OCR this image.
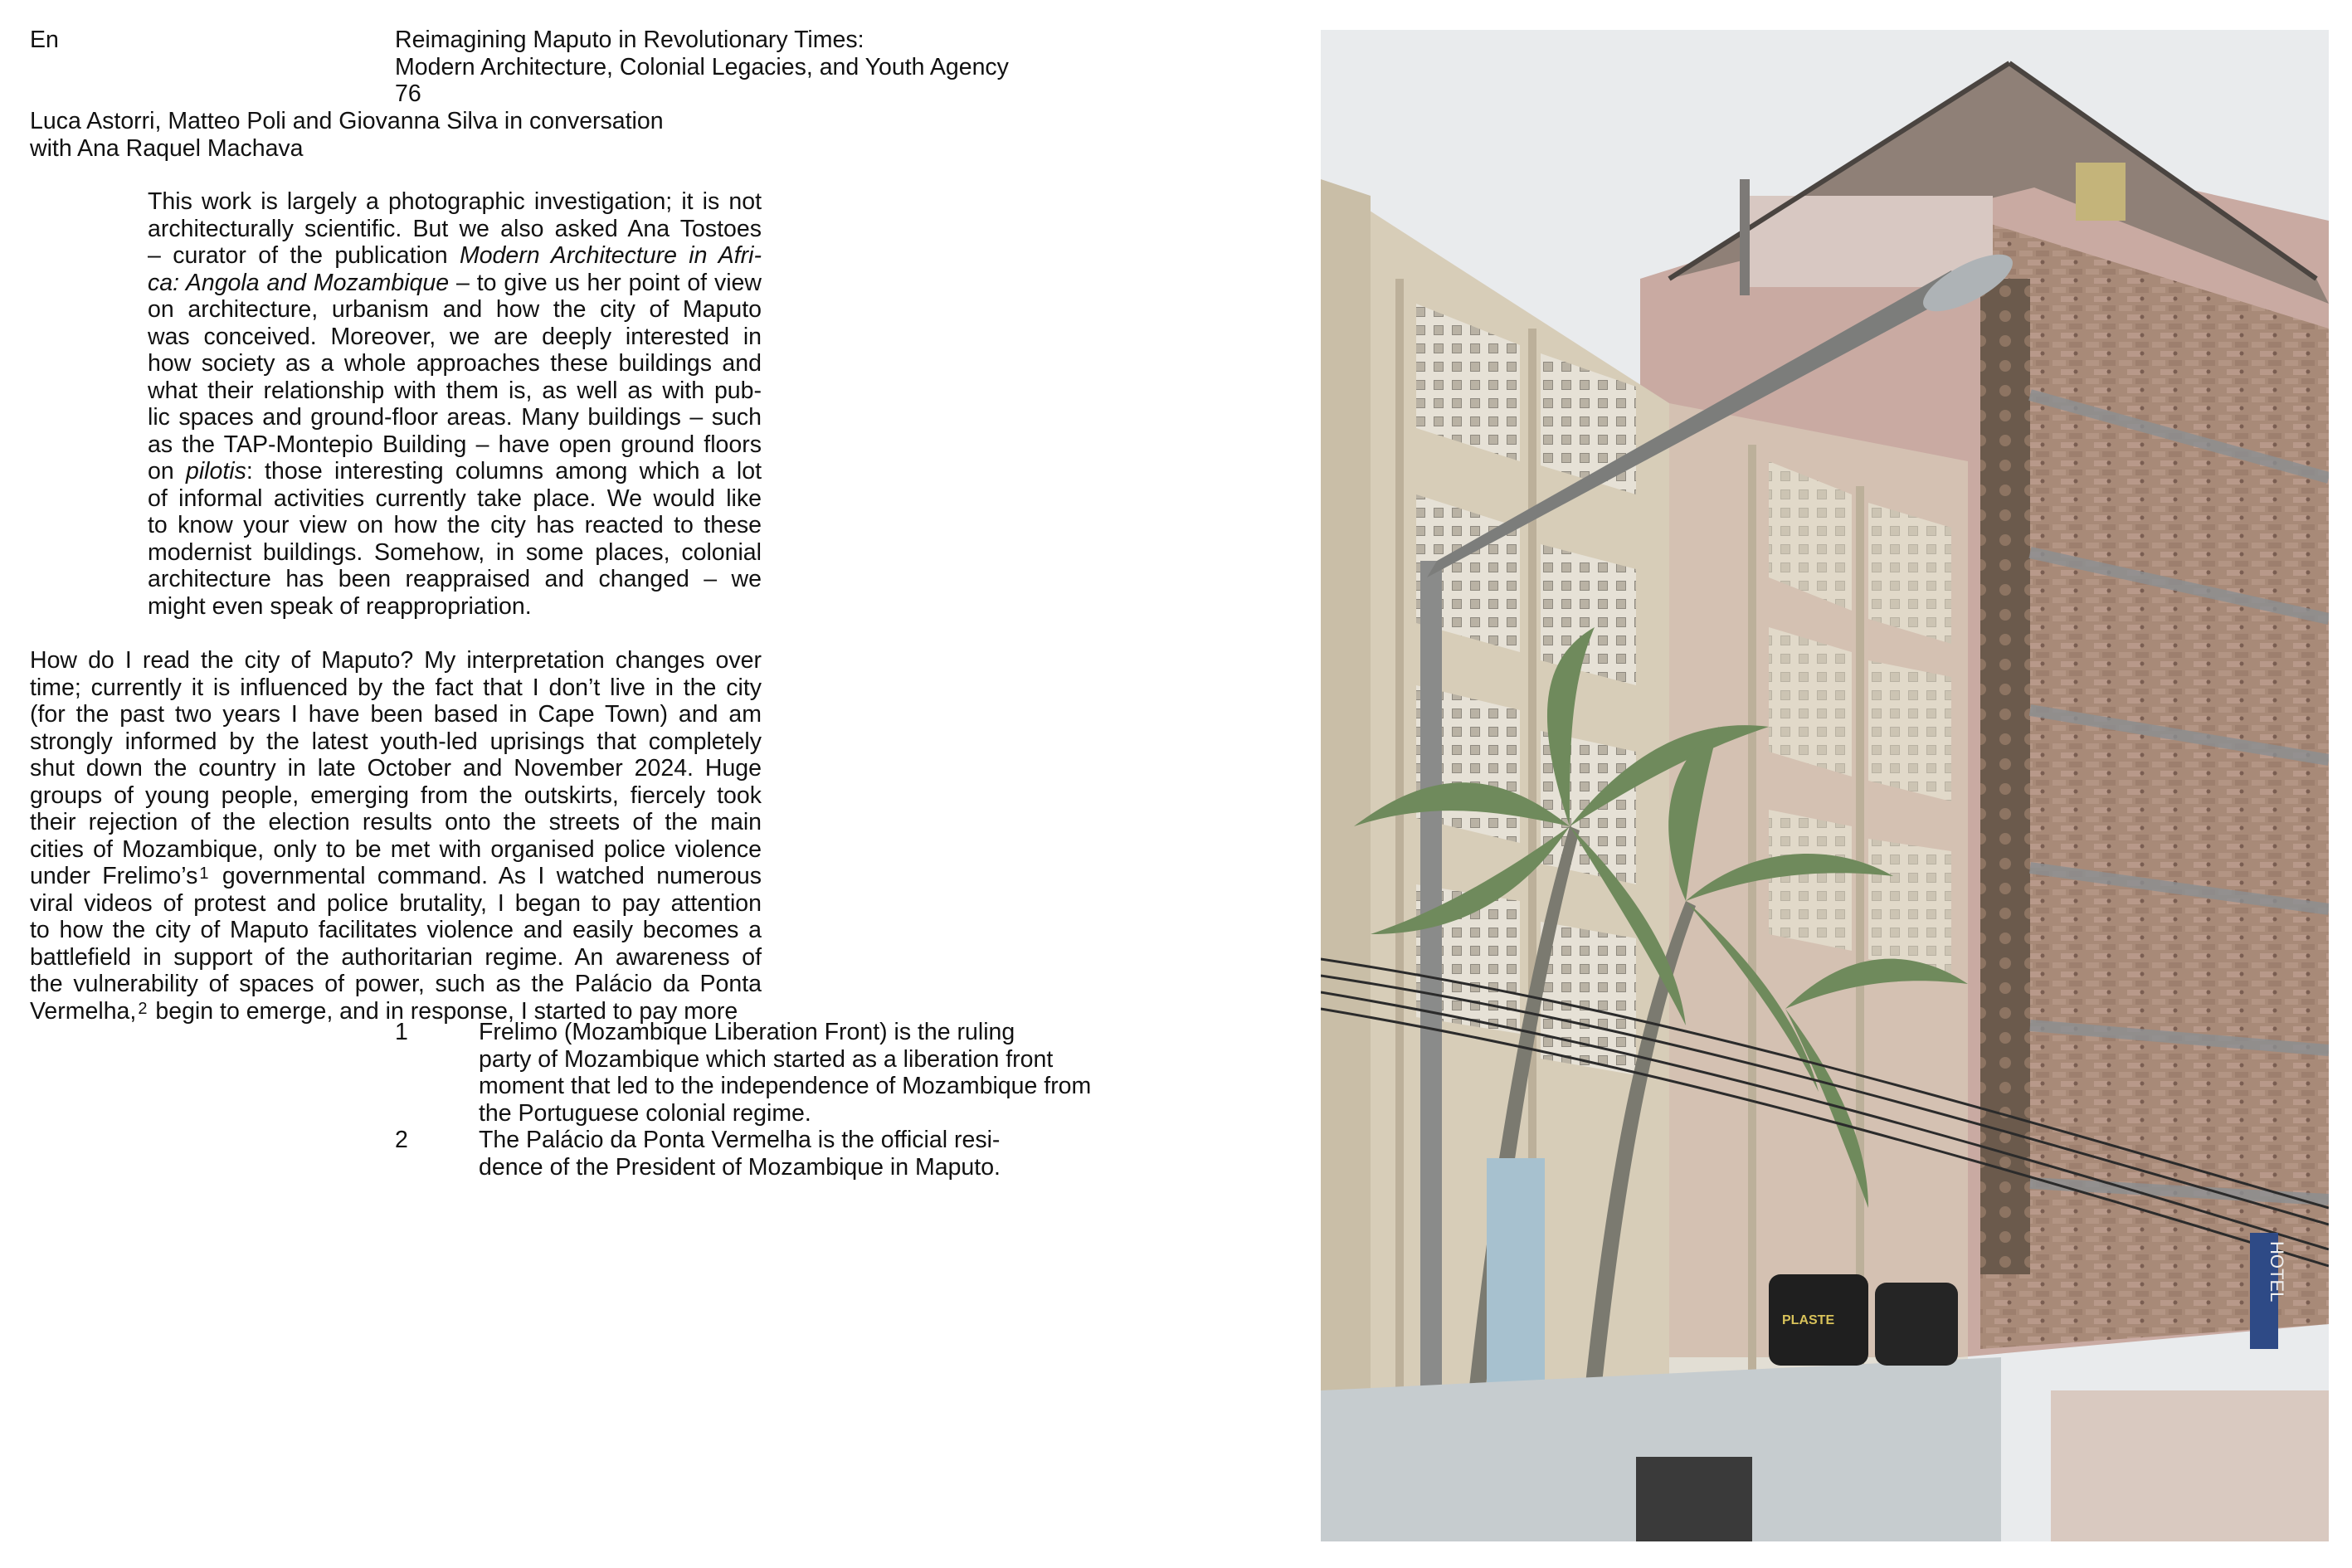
En	Reimagining Maputo in Revolutionary Times:
Modern Architecture, Colonial Legacies, and Youth Agency
76
Luca Astorri, Matteo Poli and Giovanna Silva in conversation
with Ana Raquel Machava
This work is largely a photographic investigation; it is not
architecturally scientific. But we also asked Ana Tostoes
– curator of the publication Modern Architecture in Afri-
ca: Angola and Mozambique – to give us her point of view
on architecture, urbanism and how the city of Maputo
was conceived. Moreover, we are deeply interested in
how society as a whole approaches these buildings and
what their relationship with them is, as well as with pub-
lic spaces and ground-floor areas. Many buildings – such
as the TAP-Montepio Building – have open ground floors
on pilotis: those interesting columns among which a lot
of informal activities currently take place. We would like
to know your view on how the city has reacted to these
modernist buildings. Somehow, in some places, colonial
architecture has been reappraised and changed – we
might even speak of reappropriation.
How do I read the city of Maputo? My interpretation changes over
time; currently it is influenced by the fact that I don’t live in the city
(for the past two years I have been based in Cape Town) and am
strongly informed by the latest youth-led uprisings that completely
shut down the country in late October and November 2024. Huge
groups of young people, emerging from the outskirts, fiercely took
their rejection of the election results onto the streets of the main
cities of Mozambique, only to be met with organised police violence
under Frelimo’s $^1$ governmental command. As I watched numerous
viral videos of protest and police brutality, I began to pay attention
to how the city of Maputo facilitates violence and easily becomes a
battlefield in support of the authoritarian regime. An awareness of
the vulnerability of spaces of power, such as the Palácio da Ponta
Vermelha, $^2$ begin to emerge, and in response, I started to pay more
1	Frelimo (Mozambique Liberation Front) is the ruling
party of Mozambique which started as a liberation front
moment that led to the independence of Mozambique from
the Portuguese colonial regime.
2	The Palácio da Ponta Vermelha is the official resi-
dence of the President of Mozambique in Maputo.
PLASTE
HOTEL
